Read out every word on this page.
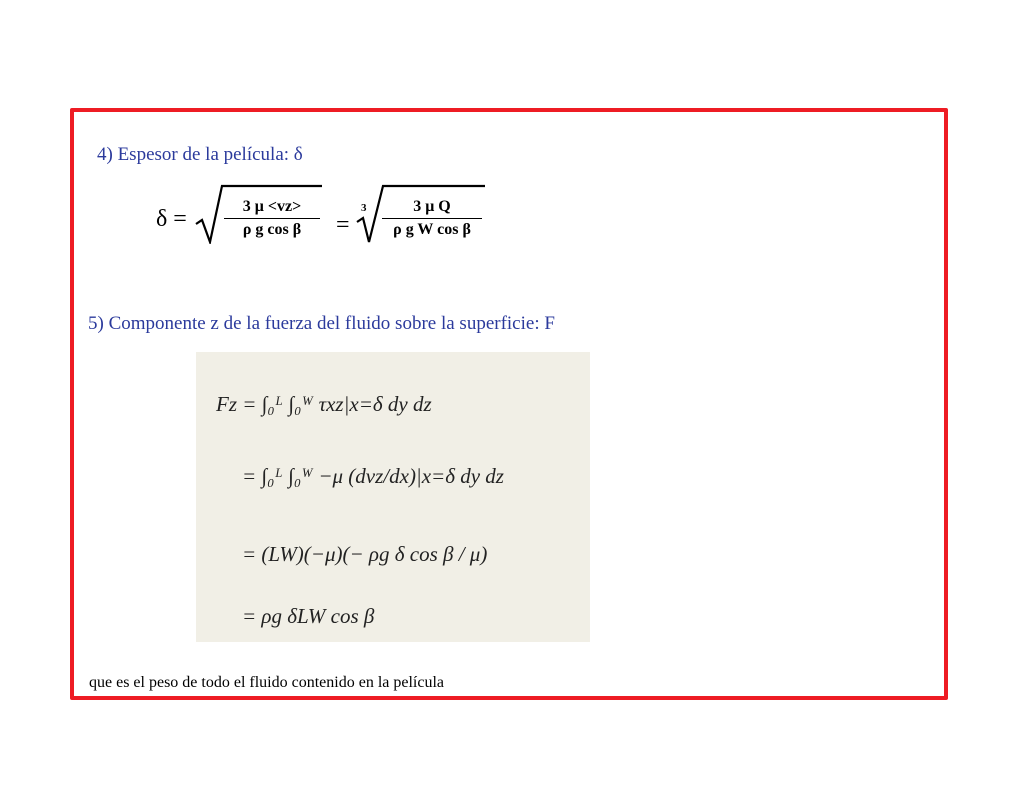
4) Espesor de la película: δ
$\delta = \frac{3 \mu <vz>}{\text{ρ g cos β}}$ =
$3 \frac{\text{3 μ Q}}{\text{ρ g W cos β}}$
5) Componente z de la fuerza del fluido sobre la superficie: F
Fz = ∫₀ᴸ ∫₀ᵂ τxz|x=δ dy dz
= ∫₀ᴸ ∫₀ᵂ −μ (dvz/dx)|x=δ dy dz
= (LW)(−μ)(− ρg δ cos β / μ)
= ρg δLW cos β
que es el peso de todo el fluido contenido en la película
